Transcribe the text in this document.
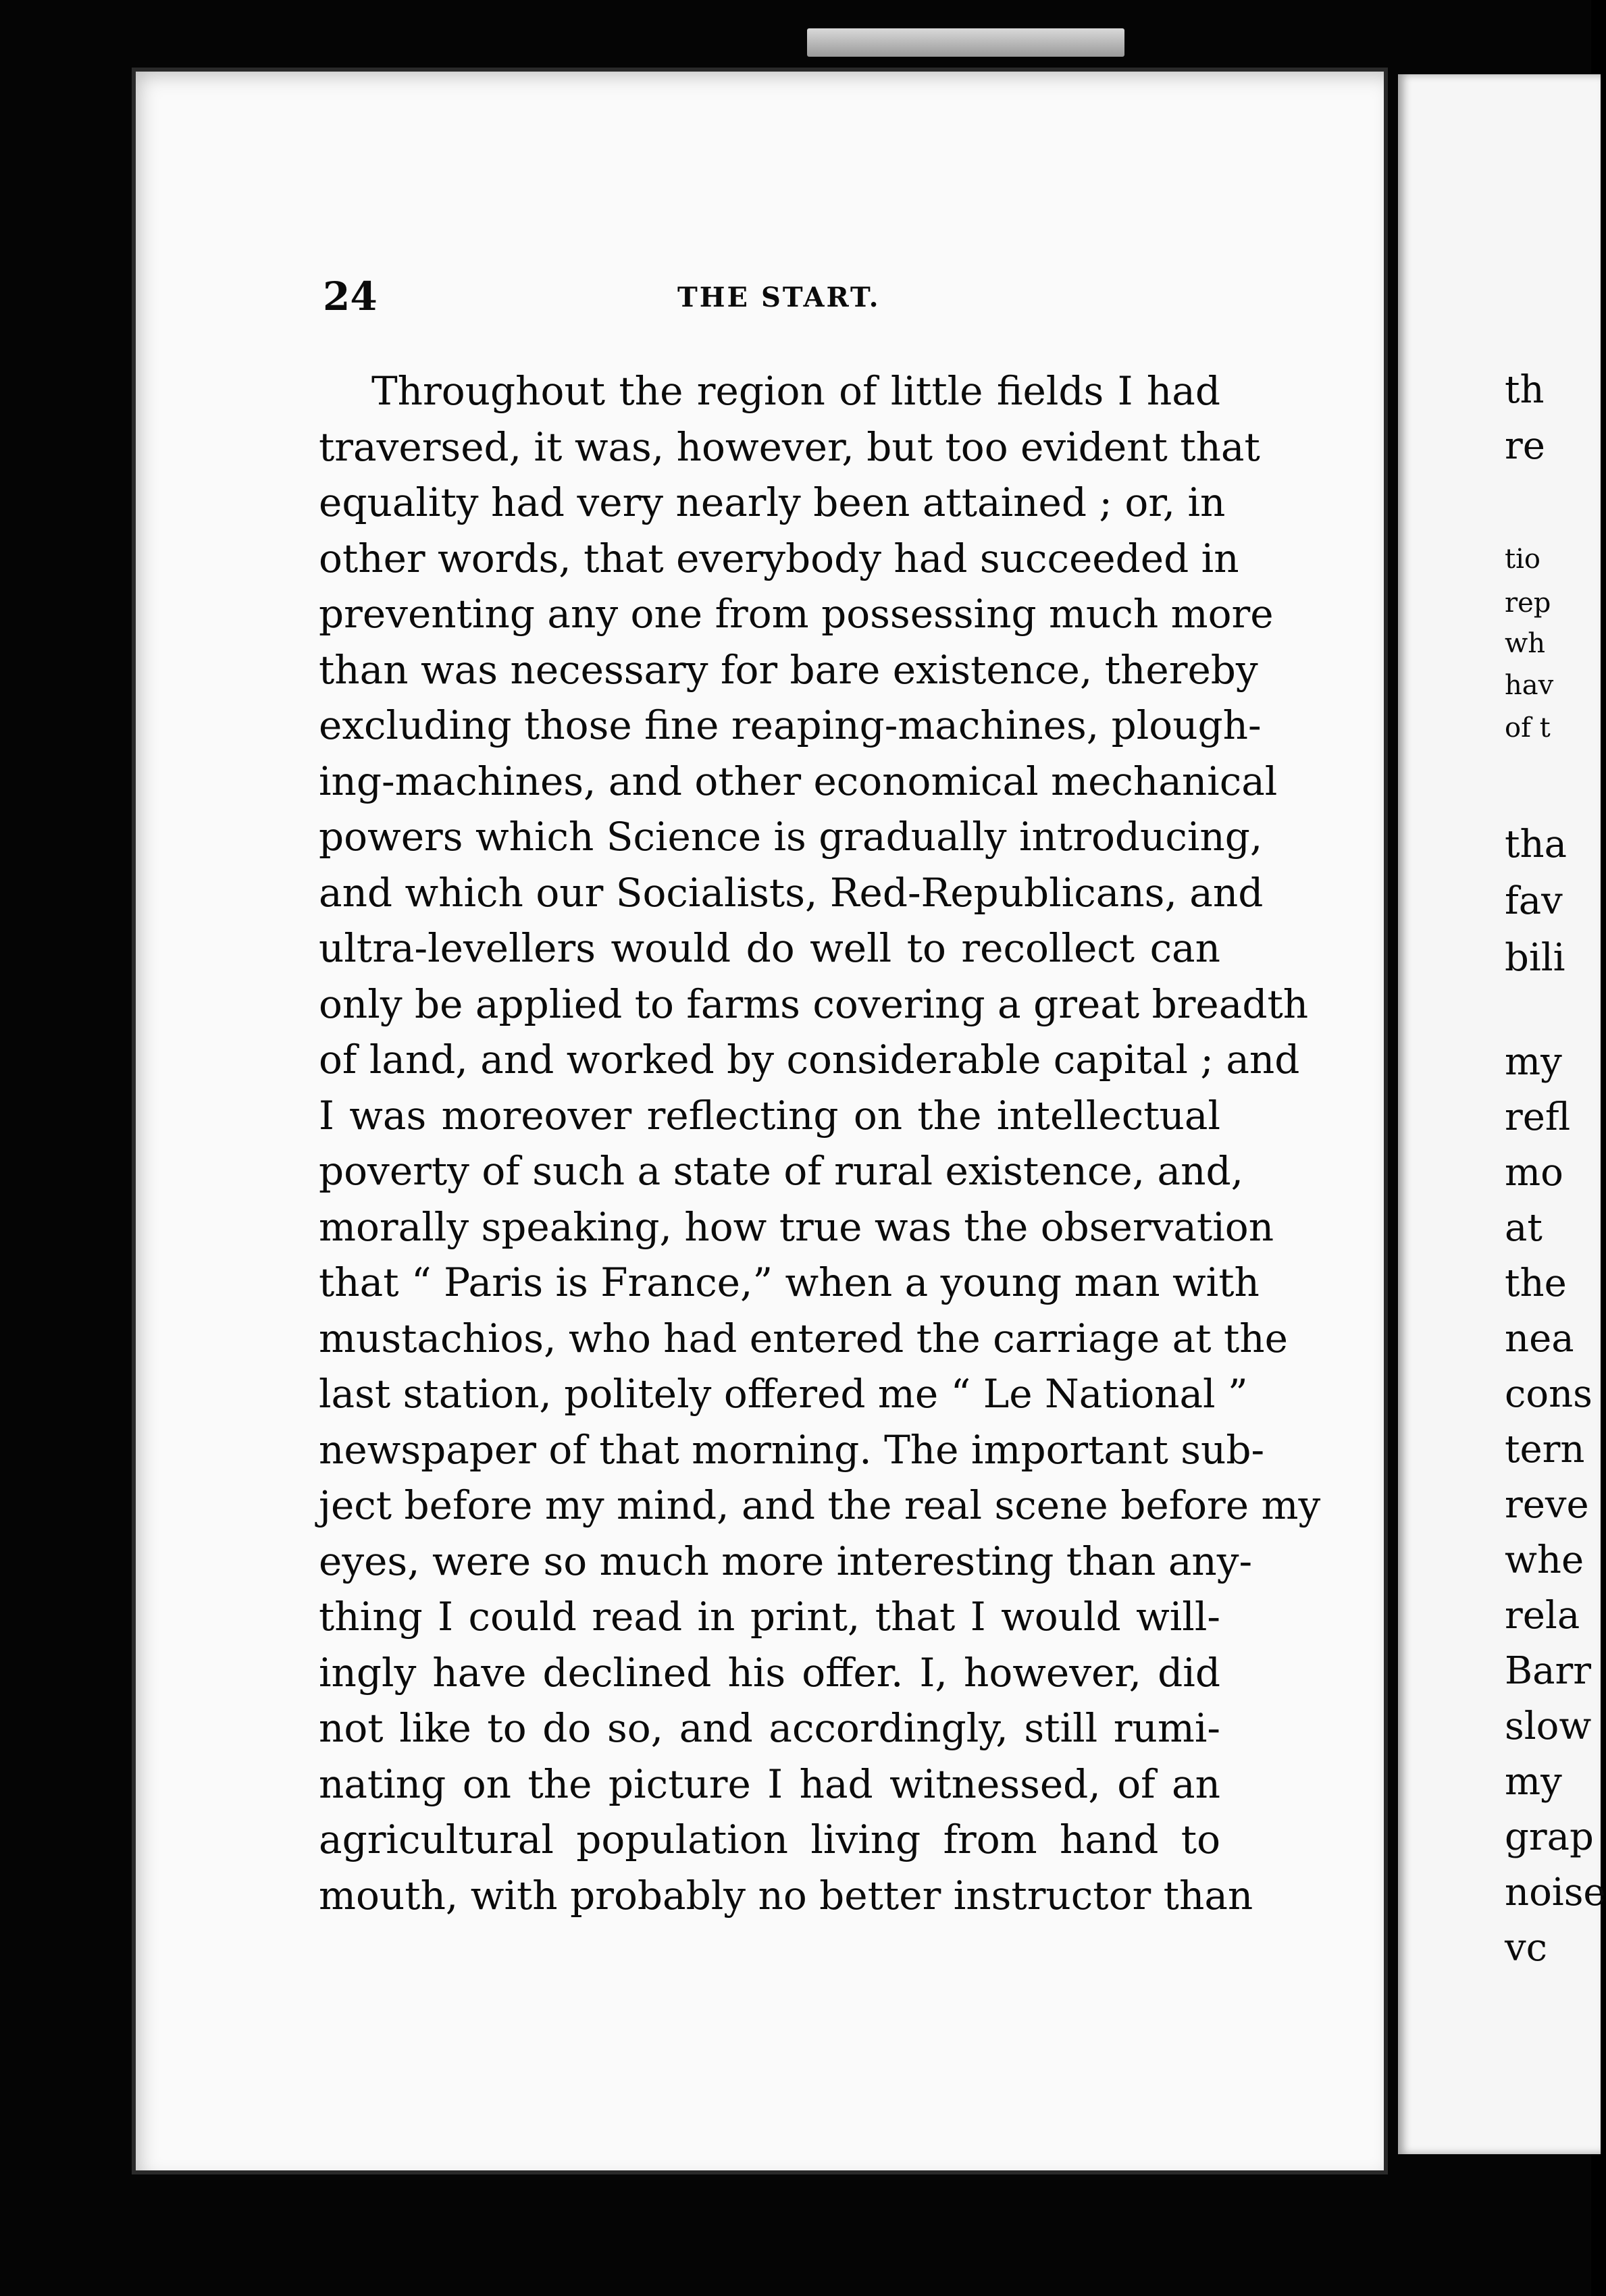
24	THE START.
Throughout the region of little fields I had
traversed, it was, however, but too evident that
equality had very nearly been attained ; or, in
other words, that everybody had succeeded in
preventing any one from possessing much more
than was necessary for bare existence, thereby
excluding those fine reaping-machines, plough-
ing-machines, and other economical mechanical
powers which Science is gradually introducing,
and which our Socialists, Red-Republicans, and
ultra-levellers would do well to recollect can
only be applied to farms covering a great breadth
of land, and worked by considerable capital ; and
I was moreover reflecting on the intellectual
poverty of such a state of rural existence, and,
morally speaking, how true was the observation
that “ Paris is France,” when a young man with
mustachios, who had entered the carriage at the
last station, politely offered me “ Le National ”
newspaper of that morning. The important sub-
ject before my mind, and the real scene before my
eyes, were so much more interesting than any-
thing I could read in print, that I would will-
ingly have declined his offer. I, however, did
not like to do so, and accordingly, still rumi-
nating on the picture I had witnessed, of an
agricultural population living from hand to
mouth, with probably no better instructor than
th
re
tio
rep
wh
hav
of t
tha
fav
bili
my
refl
mo
at
the
nea
cons
tern
reve
whe
rela
Barr
slow
my
grap
noise
vc
